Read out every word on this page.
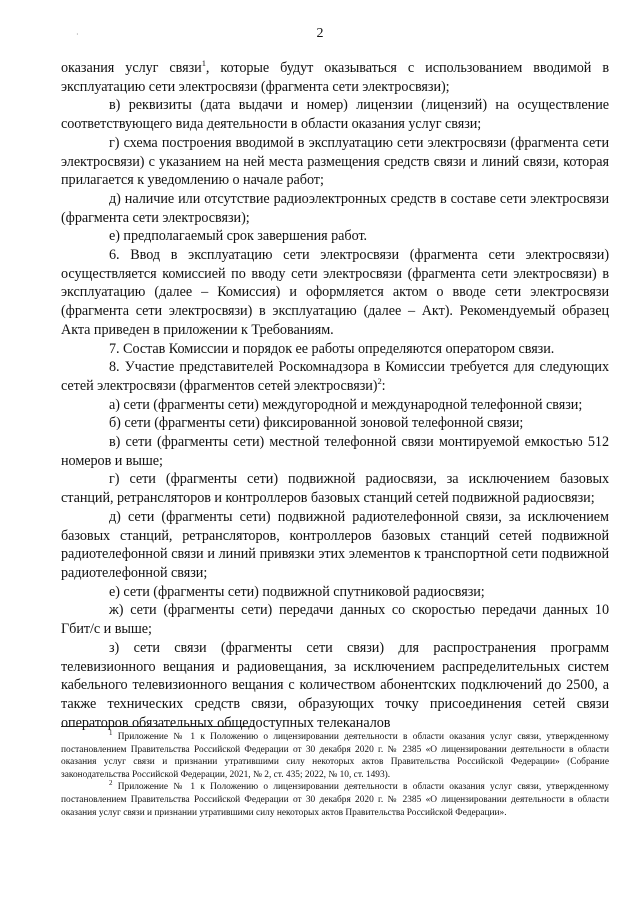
·	2

оказания услуг связи$^1$, которые будут оказываться с использованием вводимой в эксплуатацию сети электросвязи (фрагмента сети электросвязи);

в) реквизиты (дата выдачи и номер) лицензии (лицензий) на осуществление соответствующего вида деятельности в области оказания услуг связи;

г) схема построения вводимой в эксплуатацию сети электросвязи (фрагмента сети электросвязи) с указанием на ней места размещения средств связи и линий связи, которая прилагается к уведомлению о начале работ;

д) наличие или отсутствие радиоэлектронных средств в составе сети электросвязи (фрагмента сети электросвязи);

е) предполагаемый срок завершения работ.

6. Ввод в эксплуатацию сети электросвязи (фрагмента сети электросвязи) осуществляется комиссией по вводу сети электросвязи (фрагмента сети электросвязи) в эксплуатацию (далее – Комиссия) и оформляется актом о вводе сети электросвязи (фрагмента сети электросвязи) в эксплуатацию (далее – Акт). Рекомендуемый образец Акта приведен в приложении к Требованиям.

7. Состав Комиссии и порядок ее работы определяются оператором связи.

8. Участие представителей Роскомнадзора в Комиссии требуется для следующих сетей электросвязи (фрагментов сетей электросвязи)$^2$:

а) сети (фрагменты сети) междугородной и международной телефонной связи;

б) сети (фрагменты сети) фиксированной зоновой телефонной связи;

в) сети (фрагменты сети) местной телефонной связи монтируемой емкостью 512 номеров и выше;

г) сети (фрагменты сети) подвижной радиосвязи, за исключением базовых станций, ретрансляторов и контроллеров базовых станций сетей подвижной радиосвязи;

д) сети (фрагменты сети) подвижной радиотелефонной связи, за исключением базовых станций, ретрансляторов, контроллеров базовых станций сетей подвижной радиотелефонной связи и линий привязки этих элементов к транспортной сети подвижной радиотелефонной связи;

е) сети (фрагменты сети) подвижной спутниковой радиосвязи;

ж) сети (фрагменты сети) передачи данных со скоростью передачи данных 10 Гбит/с и выше;

з) сети связи (фрагменты сети связи) для распространения программ телевизионного вещания и радиовещания, за исключением распределительных систем кабельного телевизионного вещания с количеством абонентских подключений до 2500, а также технических средств связи, образующих точку присоединения сетей связи операторов обязательных общедоступных телеканалов

$^1$ Приложение № 1 к Положению о лицензировании деятельности в области оказания услуг связи, утвержденному постановлением Правительства Российской Федерации от 30 декабря 2020 г. № 2385 «О лицензировании деятельности в области оказания услуг связи и признании утратившими силу некоторых актов Правительства Российской Федерации» (Собрание законодательства Российской Федерации, 2021, № 2, ст. 435; 2022, № 10, ст. 1493).

$^2$ Приложение № 1 к Положению о лицензировании деятельности в области оказания услуг связи, утвержденному постановлением Правительства Российской Федерации от 30 декабря 2020 г. № 2385 «О лицензировании деятельности в области оказания услуг связи и признании утратившими силу некоторых актов Правительства Российской Федерации».
